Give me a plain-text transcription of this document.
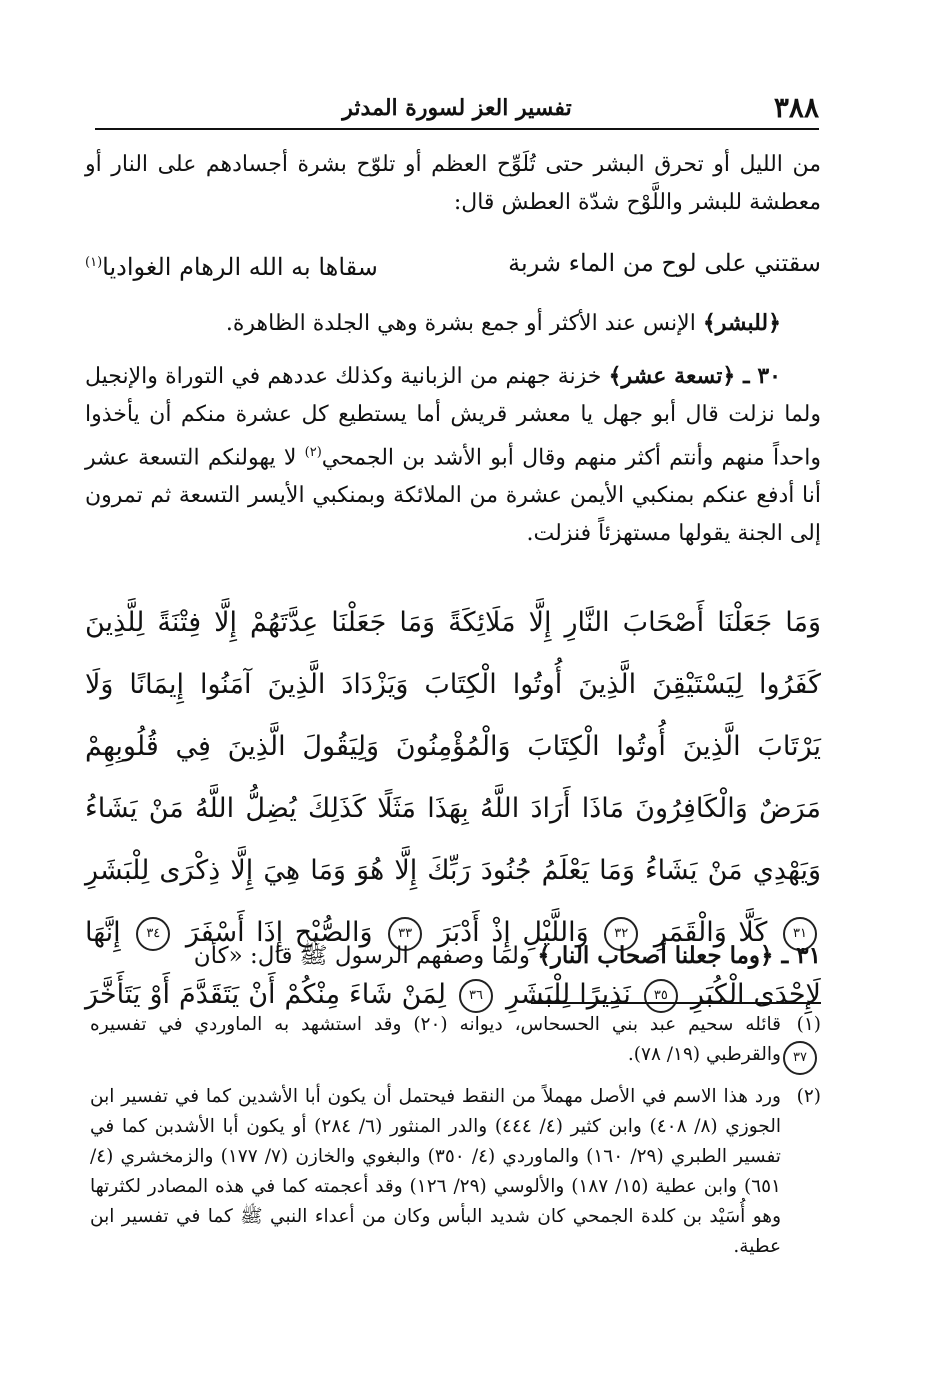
٣٨٨
تفسير العز لسورة المدثر

من الليل أو تحرق البشر حتى تُلَوِّح العظم أو تلوّح بشرة أجسادهم على النار أو معطشة للبشر واللَّوْح شدّة العطش قال:

سقتني على لوح من الماء شربة
سقاها به الله الرهام الغواديا$^{(١)}$

﴿للبشر﴾ الإنس عند الأكثر أو جمع بشرة وهي الجلدة الظاهرة.

٣٠ ـ ﴿تسعة عشر﴾ خزنة جهنم من الزبانية وكذلك عددهم في التوراة والإنجيل ولما نزلت قال أبو جهل يا معشر قريش أما يستطيع كل عشرة منكم أن يأخذوا واحداً منهم وأنتم أكثر منهم وقال أبو الأشد بن الجمحي$^{(٢)}$ لا يهولنكم التسعة عشر أنا أدفع عنكم بمنكبي الأيمن عشرة من الملائكة وبمنكبي الأيسر التسعة ثم تمرون إلى الجنة يقولها مستهزئاً فنزلت.

وَمَا جَعَلْنَا أَصْحَابَ النَّارِ إِلَّا مَلَائِكَةً وَمَا جَعَلْنَا عِدَّتَهُمْ إِلَّا فِتْنَةً لِلَّذِينَ كَفَرُوا لِيَسْتَيْقِنَ الَّذِينَ أُوتُوا الْكِتَابَ وَيَزْدَادَ الَّذِينَ آمَنُوا إِيمَانًا وَلَا يَرْتَابَ الَّذِينَ أُوتُوا الْكِتَابَ وَالْمُؤْمِنُونَ وَلِيَقُولَ الَّذِينَ فِي قُلُوبِهِمْ مَرَضٌ وَالْكَافِرُونَ مَاذَا أَرَادَ اللَّهُ بِهَذَا مَثَلًا كَذَلِكَ يُضِلُّ اللَّهُ مَنْ يَشَاءُ وَيَهْدِي مَنْ يَشَاءُ وَمَا يَعْلَمُ جُنُودَ رَبِّكَ إِلَّا هُوَ وَمَا هِيَ إِلَّا ذِكْرَى لِلْبَشَرِ ٣١ كَلَّا وَالْقَمَرِ ٣٢ وَاللَّيْلِ إِذْ أَدْبَرَ ٣٣ وَالصُّبْحِ إِذَا أَسْفَرَ ٣٤ إِنَّهَا لَإِحْدَى الْكُبَرِ ٣٥ نَذِيرًا لِلْبَشَرِ ٣٦ لِمَنْ شَاءَ مِنْكُمْ أَنْ يَتَقَدَّمَ أَوْ يَتَأَخَّرَ ٣٧
٣١ ـ ﴿وما جعلنا أصحاب النار﴾ ولما وصفهم الرسول ﷺ قال: «كأن
(١)
قائله سحيم عبد بني الحسحاس، ديوانه (٢٠) وقد استشهد به الماوردي في تفسيره والقرطبي (١٩/ ٧٨).
(٢)
ورد هذا الاسم في الأصل مهملاً من النقط فيحتمل أن يكون أبا الأشدين كما في تفسير ابن الجوزي (٨/ ٤٠٨) وابن كثير (٤/ ٤٤٤) والدر المنثور (٦/ ٢٨٤) أو يكون أبا الأشدبن كما في تفسير الطبري (٢٩/ ١٦٠) والماوردي (٤/ ٣٥٠) والبغوي والخازن (٧/ ١٧٧) والزمخشري (٤/ ٦٥١) وابن عطية (١٥/ ١٨٧) والألوسي (٢٩/ ١٢٦) وقد أعجمته كما في هذه المصادر لكثرتها وهو أُسَيْد بن كلدة الجمحي كان شديد البأس وكان من أعداء النبي ﷺ كما في تفسير ابن عطية.
